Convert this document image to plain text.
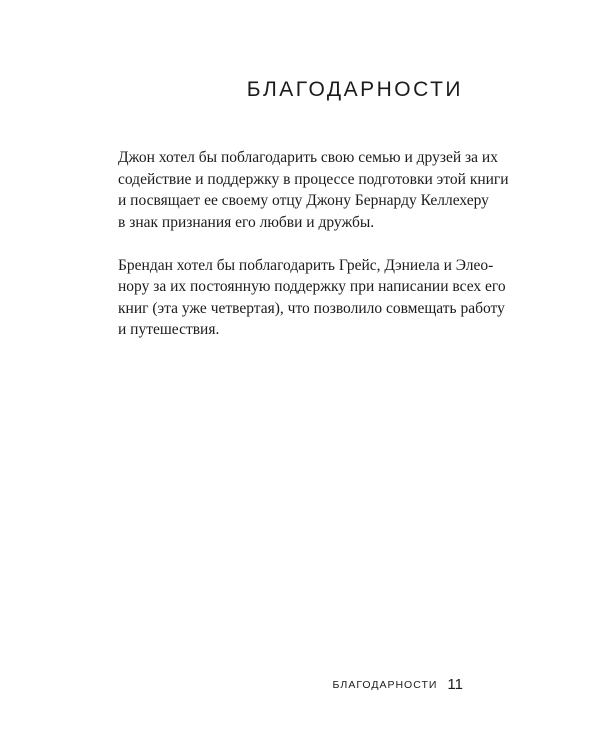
БЛАГОДАРНОСТИ

Джон хотел бы поблагодарить свою семью и друзей за их
содействие и поддержку в процессе подготовки этой книги
и посвящает ее своему отцу Джону Бернарду Келлехеру
в знак признания его любви и дружбы.

Брендан хотел бы поблагодарить Грейс, Дэниела и Элео-
нору за их постоянную поддержку при написании всех его
книг (эта уже четвертая), что позволило совмещать работу
и путешествия.

БЛАГОДАРНОСТИ 11
